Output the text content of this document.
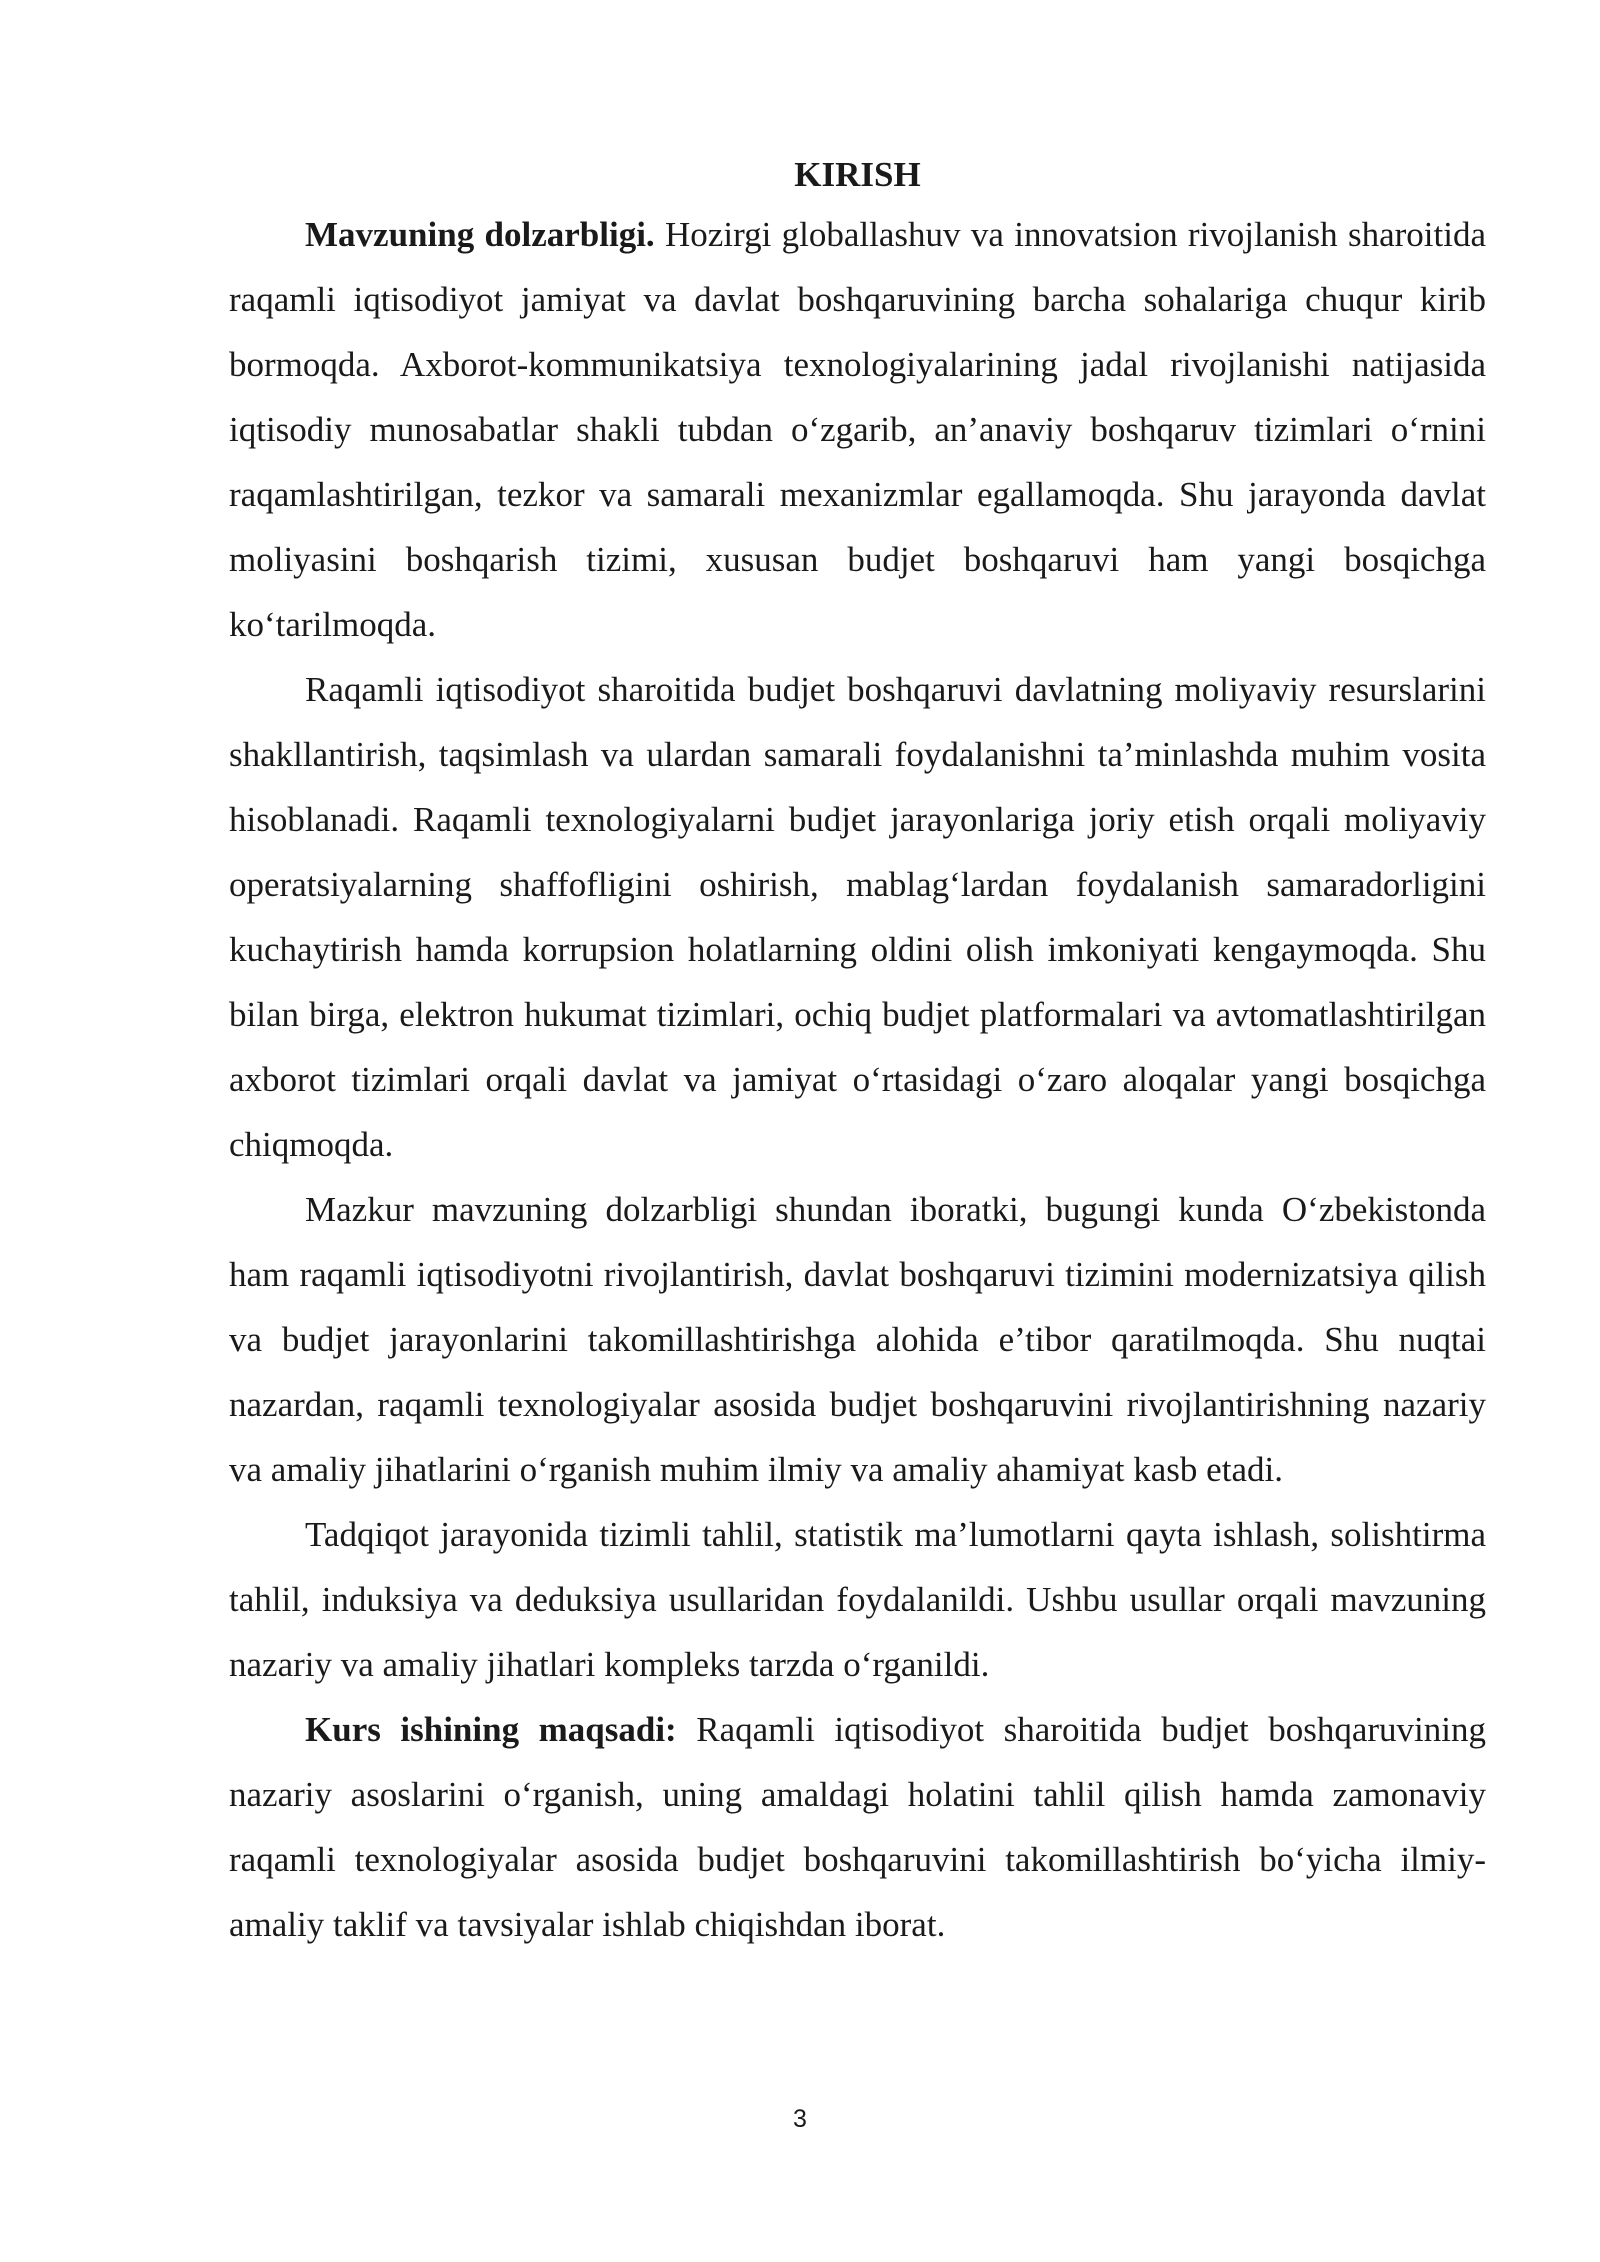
KIRISH

Mavzuning dolzarbligi. Hozirgi globallashuv va innovatsion rivojlanish sharoitida raqamli iqtisodiyot jamiyat va davlat boshqaruvining barcha sohalariga chuqur kirib bormoqda. Axborot-kommunikatsiya texnologiyalarining jadal rivojlanishi natijasida iqtisodiy munosabatlar shakli tubdan o‘zgarib, an’anaviy boshqaruv tizimlari o‘rnini raqamlashtirilgan, tezkor va samarali mexanizmlar egallamoqda. Shu jarayonda davlat moliyasini boshqarish tizimi, xususan budjet boshqaruvi ham yangi bosqichga ko‘tarilmoqda.

Raqamli iqtisodiyot sharoitida budjet boshqaruvi davlatning moliyaviy resurslarini shakllantirish, taqsimlash va ulardan samarali foydalanishni ta’minlashda muhim vosita hisoblanadi. Raqamli texnologiyalarni budjet jarayonlariga joriy etish orqali moliyaviy operatsiyalarning shaffofligini oshirish, mablag‘lardan foydalanish samaradorligini kuchaytirish hamda korrupsion holatlarning oldini olish imkoniyati kengaymoqda. Shu bilan birga, elektron hukumat tizimlari, ochiq budjet platformalari va avtomatlashtirilgan axborot tizimlari orqali davlat va jamiyat o‘rtasidagi o‘zaro aloqalar yangi bosqichga chiqmoqda.

Mazkur mavzuning dolzarbligi shundan iboratki, bugungi kunda O‘zbekistonda ham raqamli iqtisodiyotni rivojlantirish, davlat boshqaruvi tizimini modernizatsiya qilish va budjet jarayonlarini takomillashtirishga alohida e’tibor qaratilmoqda. Shu nuqtai nazardan, raqamli texnologiyalar asosida budjet boshqaruvini rivojlantirishning nazariy va amaliy jihatlarini o‘rganish muhim ilmiy va amaliy ahamiyat kasb etadi.

Tadqiqot jarayonida tizimli tahlil, statistik ma’lumotlarni qayta ishlash, solishtirma tahlil, induksiya va deduksiya usullaridan foydalanildi. Ushbu usullar orqali mavzuning nazariy va amaliy jihatlari kompleks tarzda o‘rganildi.

Kurs ishining maqsadi: Raqamli iqtisodiyot sharoitida budjet boshqaruvining nazariy asoslarini o‘rganish, uning amaldagi holatini tahlil qilish hamda zamonaviy raqamli texnologiyalar asosida budjet boshqaruvini takomillashtirish bo‘yicha ilmiy-amaliy taklif va tavsiyalar ishlab chiqishdan iborat.

3
